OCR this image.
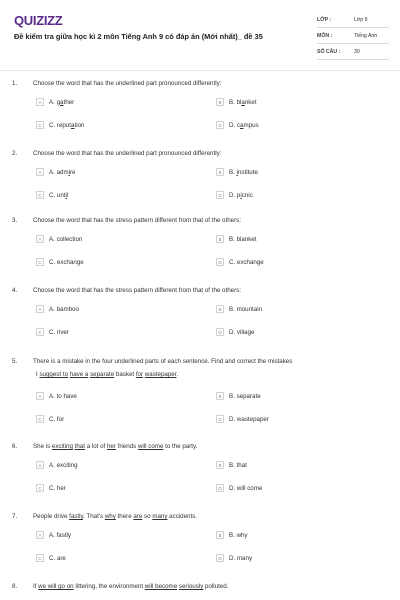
QUIZIZZ
Đề kiểm tra giữa học kì 2 môn Tiếng Anh 9 có đáp án (Mới nhất)_ đề 35
LỚP :	Lớp 9
MÔN :	Tiếng Anh
SỐ CÂU :	30
1.	Choose the word that has the underlined part pronounced differently:
A	A. gather	B	B. blanket
C	C. reputation	D	D. campus
2.	Choose the word that has the underlined part pronounced differently:
A	A. admire	B	B. institute
C	C. until	D	D. picnic
3.	Choose the word that has the stress pattern different from that of the others:
A	A. collection	B	B. blanket
C	C. exchange	D	C. exchange
4.	Choose the word that has the stress pattern different from that of the others:
A	A. bamboo	B	B. mountain
C	C. river	D	D. village
5.	There is a mistake in the four underlined parts of each sentence. Find and correct the mistakes
I suggest to have a separate basket for wastepaper.
A	A. to have	B	B. separate
C	C. for	D	D. wastepaper
6.	She is exciting that a lot of her friends will come to the party.
A	A. exciting	B	B. that
C	C. her	D	D. will come
7.	People drive fastly. That's why there are so many accidents.
A	A. fastly	B	B. why
C	C. are	D	D. many
8.	If we will go on littering, the environment will become seriously polluted.
